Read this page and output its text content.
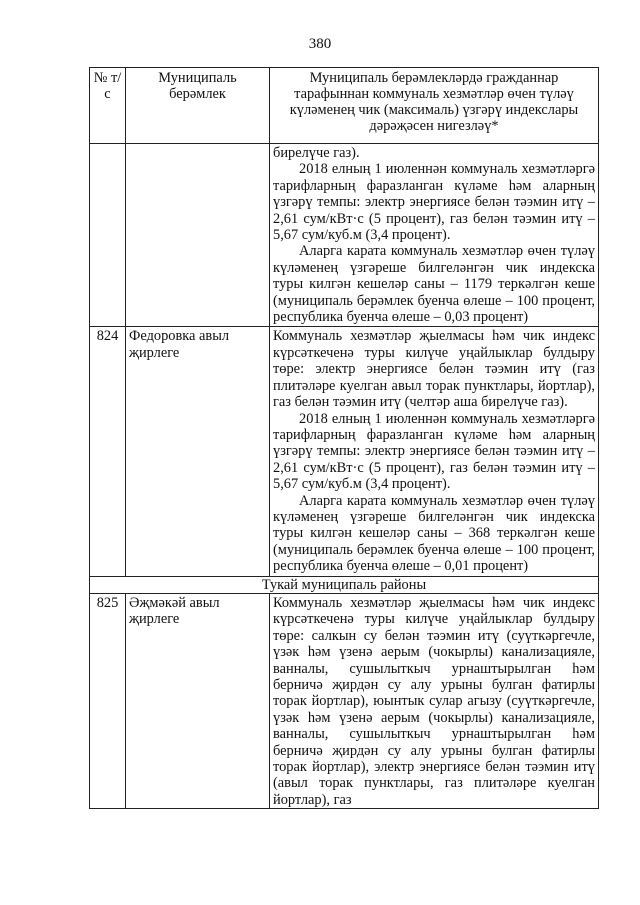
380
№ т/с	Муниципаль берәмлек	Муниципаль берәмлекләрдә гражданнар тарафыннан коммуналь хезмәтләр өчен түләү күләменең чик (максималь) үзгәрү индекслары дәрәҗәсен нигезләү*

		бирелүче газ).

2018 елның 1 июленнән коммуналь хезмәтләргә тарифларның фаразланган күләме һәм аларның үзгәрү темпы: электр энергиясе белән тәэмин итү – 2,61 сум/кВт·с (5 процент), газ белән тәэмин итү – 5,67 сум/куб.м (3,4 процент).

Аларга карата коммуналь хезмәтләр өчен түләү күләменең үзгәреше билгеләнгән чик индекска туры килгән кешеләр саны – 1179 теркәлгән кеше (муниципаль берәмлек буенча өлеше – 100 процент, республика буенча өлеше – 0,03 процент)

824	Федоровка авыл җирлеге	Коммуналь хезмәтләр җыелмасы һәм чик индекс күрсәткеченә туры килүче уңайлыклар булдыру төре: электр энергиясе белән тәэмин итү (газ плитәләре куелган авыл торак пунктлары, йортлар), газ белән тәэмин итү (челтәр аша бирелүче газ).

2018 елның 1 июленнән коммуналь хезмәтләргә тарифларның фаразланган күләме һәм аларның үзгәрү темпы: электр энергиясе белән тәэмин итү – 2,61 сум/кВт·с (5 процент), газ белән тәэмин итү – 5,67 сум/куб.м (3,4 процент).

Аларга карата коммуналь хезмәтләр өчен түләү күләменең үзгәреше билгеләнгән чик индекска туры килгән кешеләр саны – 368 теркәлгән кеше (муниципаль берәмлек буенча өлеше – 100 процент, республика буенча өлеше – 0,01 процент)

Тукай муниципаль районы		
825	Әҗмәкәй авыл җирлеге	Коммуналь хезмәтләр җыелмасы һәм чик индекс күрсәткеченә туры килүче уңайлыклар булдыру төре: салкын су белән тәэмин итү (суүткәргечле, үзәк һәм үзенә аерым (чокырлы) канализацияле, ванналы, сушылыткыч урнаштырылган һәм берничә җирдән су алу урыны булган фатирлы торак йортлар), юынтык сулар агызу (суүткәргечле, үзәк һәм үзенә аерым (чокырлы) канализацияле, ванналы, сушылыткыч урнаштырылган һәм берничә җирдән су алу урыны булган фатирлы торак йортлар), электр энергиясе белән тәэмин итү (авыл торак пунктлары, газ плитәләре куелган йортлар), газ
